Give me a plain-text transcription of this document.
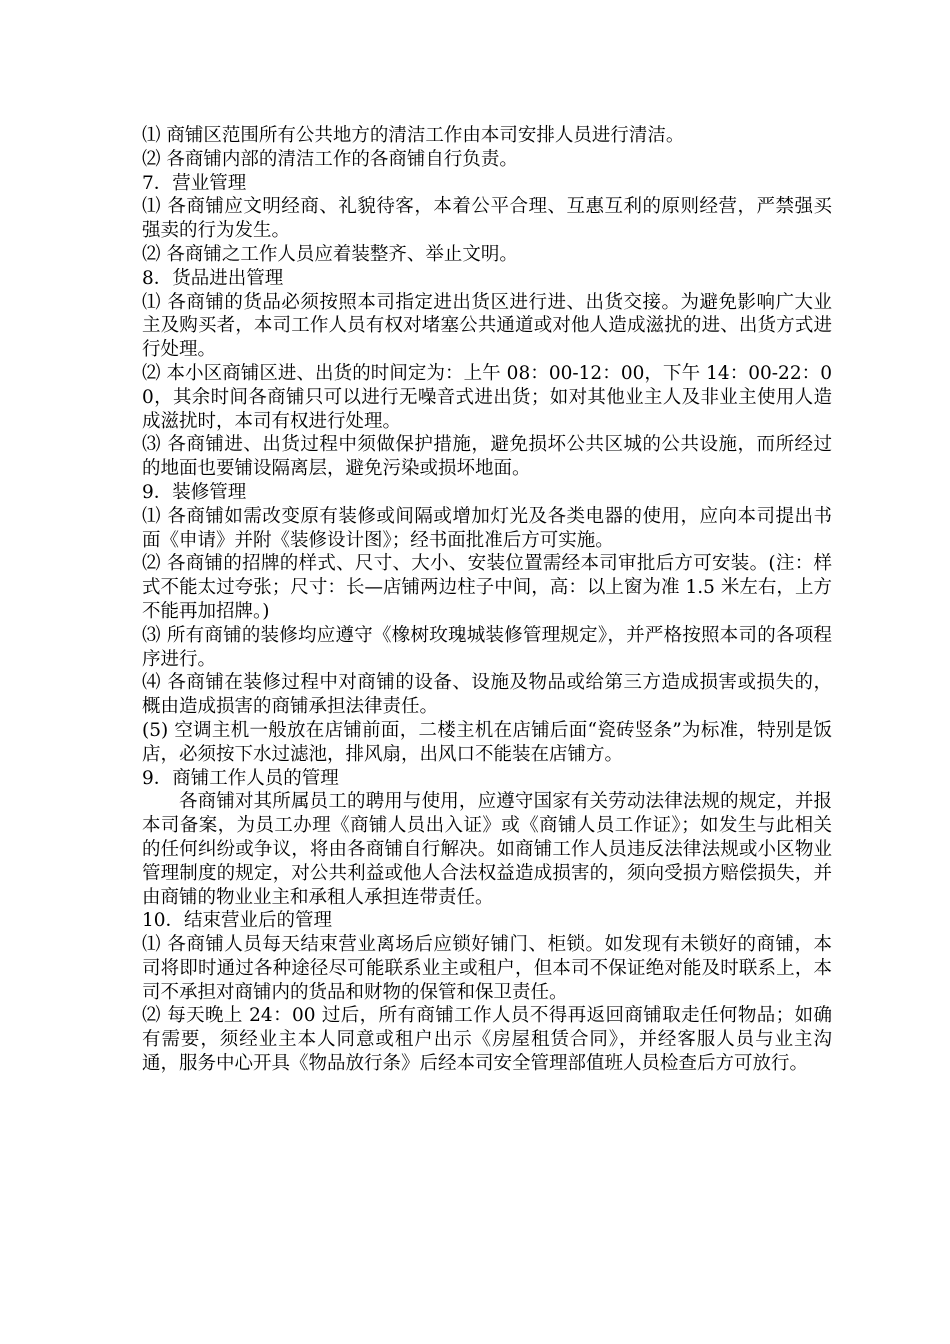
⑴ 商铺区范围所有公共地方的清洁工作由本司安排人员进行清洁。

⑵ 各商铺内部的清洁工作的各商铺自行负责。

7．营业管理

⑴ 各商铺应文明经商、礼貌待客，本着公平合理、互惠互利的原则经营，严禁强买强卖的行为发生。

⑵ 各商铺之工作人员应着装整齐、举止文明。

8．货品进出管理

⑴ 各商铺的货品必须按照本司指定进出货区进行进、出货交接。为避免影响广大业主及购买者，本司工作人员有权对堵塞公共通道或对他人造成滋扰的进、出货方式进行处理。

⑵ 本小区商铺区进、出货的时间定为：上午 08：00-12：00，下午 14：00-22：00，其余时间各商铺只可以进行无噪音式进出货；如对其他业主人及非业主使用人造成滋扰时，本司有权进行处理。

⑶ 各商铺进、出货过程中须做保护措施，避免损坏公共区城的公共设施，而所经过的地面也要铺设隔离层，避免污染或损坏地面。

9．装修管理

⑴ 各商铺如需改变原有装修或间隔或增加灯光及各类电器的使用，应向本司提出书面《申请》并附《装修设计图》；经书面批准后方可实施。

⑵ 各商铺的招牌的样式、尺寸、大小、安装位置需经本司审批后方可安装。(注：样式不能太过夸张；尺寸：长—店铺两边柱子中间，高：以上窗为准 1.5 米左右，上方不能再加招牌。)

⑶ 所有商铺的装修均应遵守《橡树玫瑰城装修管理规定》，并严格按照本司的各项程序进行。

⑷ 各商铺在装修过程中对商铺的设备、设施及物品或给第三方造成损害或损失的，概由造成损害的商铺承担法律责任。

(5) 空调主机一般放在店铺前面，二楼主机在店铺后面“瓷砖竖条”为标准，特别是饭店，必须按下水过滤池，排风扇，出风口不能装在店铺方。

9．商铺工作人员的管理

各商铺对其所属员工的聘用与使用，应遵守国家有关劳动法律法规的规定，并报本司备案，为员工办理《商铺人员出入证》或《商铺人员工作证》；如发生与此相关的任何纠纷或争议，将由各商铺自行解决。如商铺工作人员违反法律法规或小区物业管理制度的规定，对公共利益或他人合法权益造成损害的，须向受损方赔偿损失，并由商铺的物业业主和承租人承担连带责任。

10．结束营业后的管理

⑴ 各商铺人员每天结束营业离场后应锁好铺门、柜锁。如发现有未锁好的商铺，本司将即时通过各种途径尽可能联系业主或租户，但本司不保证绝对能及时联系上，本司不承担对商铺内的货品和财物的保管和保卫责任。

⑵ 每天晚上 24：00 过后，所有商铺工作人员不得再返回商铺取走任何物品；如确有需要，须经业主本人同意或租户出示《房屋租赁合同》，并经客服人员与业主沟通，服务中心开具《物品放行条》后经本司安全管理部值班人员检查后方可放行。
